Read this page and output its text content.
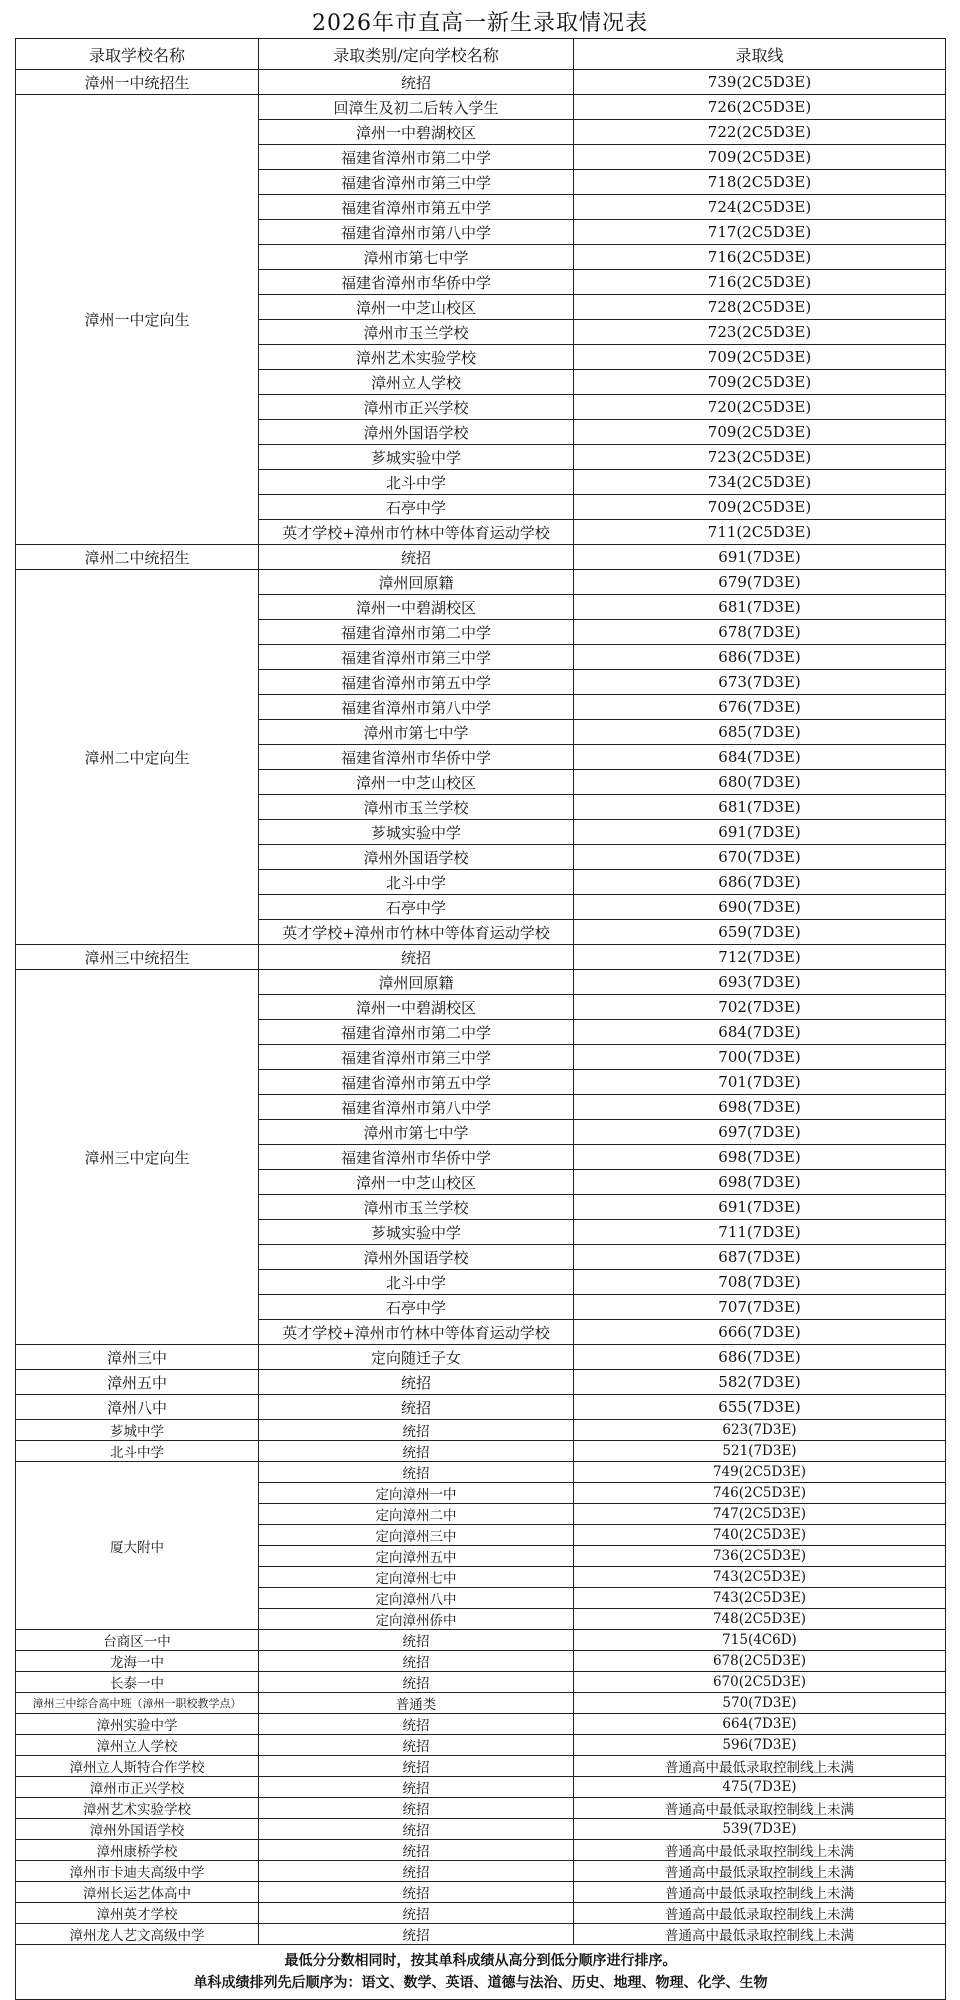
2026年市直高一新生录取情况表
录取学校名称	录取类别/定向学校名称	录取线
漳州一中统招生	统招	739(2C5D3E)
漳州一中定向生	回漳生及初二后转入学生	726(2C5D3E)
	漳州一中碧湖校区	722(2C5D3E)
	福建省漳州市第二中学	709(2C5D3E)
	福建省漳州市第三中学	718(2C5D3E)
	福建省漳州市第五中学	724(2C5D3E)
	福建省漳州市第八中学	717(2C5D3E)
	漳州市第七中学	716(2C5D3E)
	福建省漳州市华侨中学	716(2C5D3E)
	漳州一中芝山校区	728(2C5D3E)
	漳州市玉兰学校	723(2C5D3E)
	漳州艺术实验学校	709(2C5D3E)
	漳州立人学校	709(2C5D3E)
	漳州市正兴学校	720(2C5D3E)
	漳州外国语学校	709(2C5D3E)
	芗城实验中学	723(2C5D3E)
	北斗中学	734(2C5D3E)
	石亭中学	709(2C5D3E)
	英才学校+漳州市竹林中等体育运动学校	711(2C5D3E)
漳州二中统招生	统招	691(7D3E)
漳州二中定向生	漳州回原籍	679(7D3E)
	漳州一中碧湖校区	681(7D3E)
	福建省漳州市第二中学	678(7D3E)
	福建省漳州市第三中学	686(7D3E)
	福建省漳州市第五中学	673(7D3E)
	福建省漳州市第八中学	676(7D3E)
	漳州市第七中学	685(7D3E)
	福建省漳州市华侨中学	684(7D3E)
	漳州一中芝山校区	680(7D3E)
	漳州市玉兰学校	681(7D3E)
	芗城实验中学	691(7D3E)
	漳州外国语学校	670(7D3E)
	北斗中学	686(7D3E)
	石亭中学	690(7D3E)
	英才学校+漳州市竹林中等体育运动学校	659(7D3E)
漳州三中统招生	统招	712(7D3E)
漳州三中定向生	漳州回原籍	693(7D3E)
	漳州一中碧湖校区	702(7D3E)
	福建省漳州市第二中学	684(7D3E)
	福建省漳州市第三中学	700(7D3E)
	福建省漳州市第五中学	701(7D3E)
	福建省漳州市第八中学	698(7D3E)
	漳州市第七中学	697(7D3E)
	福建省漳州市华侨中学	698(7D3E)
	漳州一中芝山校区	698(7D3E)
	漳州市玉兰学校	691(7D3E)
	芗城实验中学	711(7D3E)
	漳州外国语学校	687(7D3E)
	北斗中学	708(7D3E)
	石亭中学	707(7D3E)
	英才学校+漳州市竹林中等体育运动学校	666(7D3E)
漳州三中	定向随迁子女	686(7D3E)
漳州五中	统招	582(7D3E)
漳州八中	统招	655(7D3E)
芗城中学	统招	623(7D3E)
北斗中学	统招	521(7D3E)
厦大附中	统招	749(2C5D3E)
	定向漳州一中	746(2C5D3E)
	定向漳州二中	747(2C5D3E)
	定向漳州三中	740(2C5D3E)
	定向漳州五中	736(2C5D3E)
	定向漳州七中	743(2C5D3E)
	定向漳州八中	743(2C5D3E)
	定向漳州侨中	748(2C5D3E)
台商区一中	统招	715(4C6D)
龙海一中	统招	678(2C5D3E)
长泰一中	统招	670(2C5D3E)
漳州三中综合高中班（漳州一职校教学点）	普通类	570(7D3E)
漳州实验中学	统招	664(7D3E)
漳州立人学校	统招	596(7D3E)
漳州立人斯特合作学校	统招	普通高中最低录取控制线上未满
漳州市正兴学校	统招	475(7D3E)
漳州艺术实验学校	统招	普通高中最低录取控制线上未满
漳州外国语学校	统招	539(7D3E)
漳州康桥学校	统招	普通高中最低录取控制线上未满
漳州市卡迪夫高级中学	统招	普通高中最低录取控制线上未满
漳州长运艺体高中	统招	普通高中最低录取控制线上未满
漳州英才学校	统招	普通高中最低录取控制线上未满
漳州龙人艺文高级中学	统招	普通高中最低录取控制线上未满

最低分分数相同时，按其单科成绩从高分到低分顺序进行排序。
单科成绩排列先后顺序为：语文、数学、英语、道德与法治、历史、地理、物理、化学、生物		
